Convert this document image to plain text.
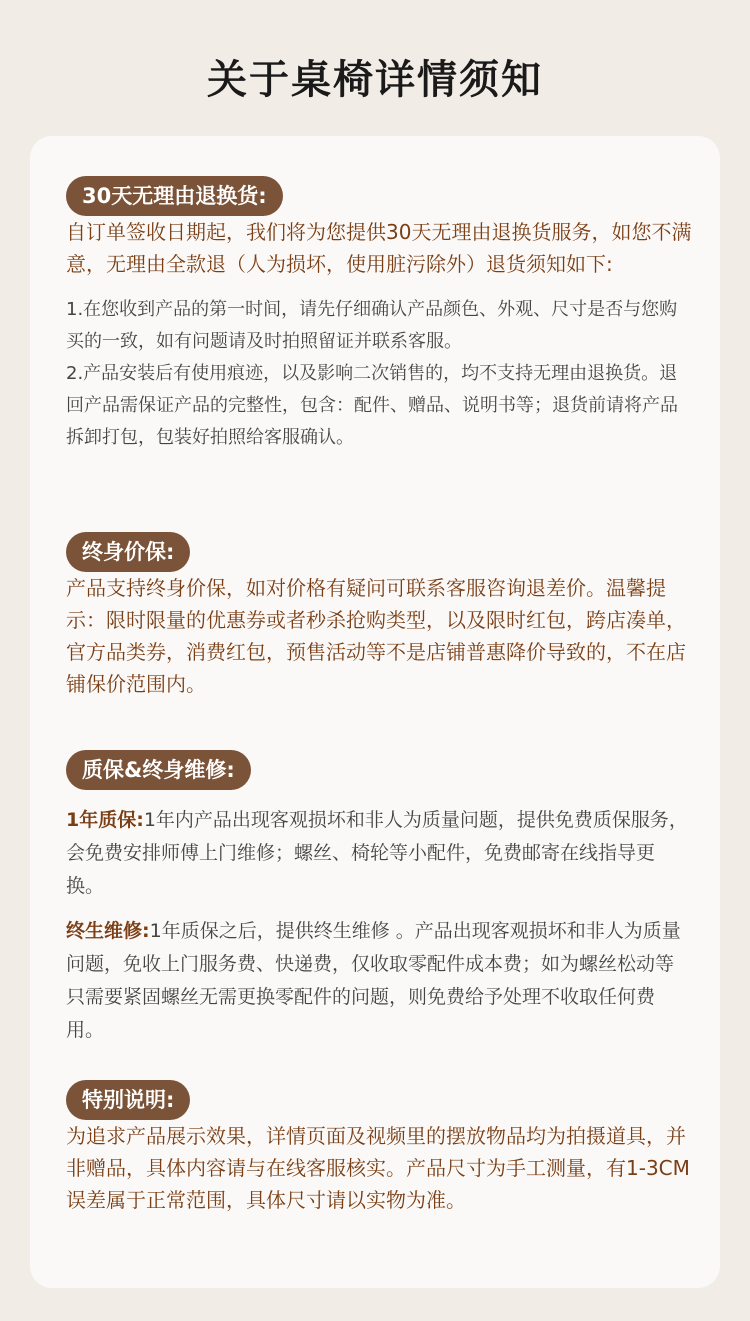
关于桌椅详情须知
30天无理由退换货:

自订单签收日期起，我们将为您提供30天无理由退换货服务，如您不满意，无理由全款退（人为损坏，使用脏污除外）退货须知如下:

1.在您收到产品的第一时间，请先仔细确认产品颜色、外观、尺寸是否与您购买的一致，如有问题请及时拍照留证并联系客服。

2.产品安装后有使用痕迹，以及影响二次销售的，均不支持无理由退换货。退回产品需保证产品的完整性，包含：配件、赠品、说明书等；退货前请将产品拆卸打包，包装好拍照给客服确认。

终身价保:

产品支持终身价保，如对价格有疑问可联系客服咨询退差价。温馨提示：限时限量的优惠券或者秒杀抢购类型，以及限时红包，跨店凑单，官方品类券，消费红包，预售活动等不是店铺普惠降价导致的，不在店铺保价范围内。

质保&终身维修:

1年质保:1年内产品出现客观损坏和非人为质量问题，提供免费质保服务，会免费安排师傅上门维修；螺丝、椅轮等小配件，免费邮寄在线指导更换。

终生维修:1年质保之后，提供终生维修 。产品出现客观损坏和非人为质量问题，免收上门服务费、快递费，仅收取零配件成本费；如为螺丝松动等只需要紧固螺丝无需更换零配件的问题，则免费给予处理不收取任何费用。

特别说明:

为追求产品展示效果，详情页面及视频里的摆放物品均为拍摄道具，并非赠品，具体内容请与在线客服核实。产品尺寸为手工测量，有1-3CM误差属于正常范围，具体尺寸请以实物为准。
